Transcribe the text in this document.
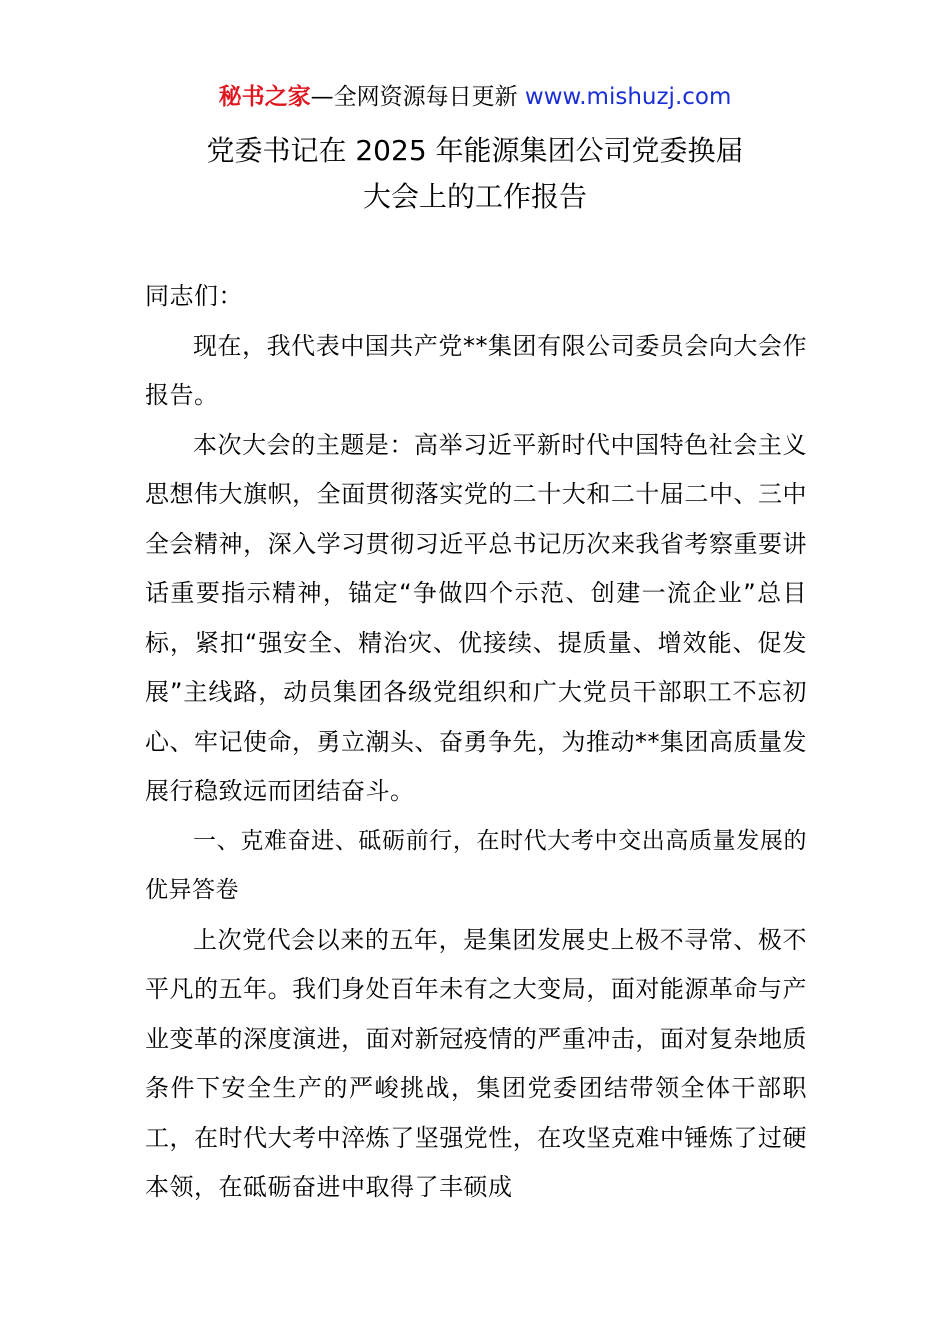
秘书之家—全网资源每日更新 www.mishuzj.com
党委书记在 2025 年能源集团公司党委换届
大会上的工作报告

同志们：

现在，我代表中国共产党**集团有限公司委员会向大会作报告。

本次大会的主题是：高举习近平新时代中国特色社会主义思想伟大旗帜，全面贯彻落实党的二十大和二十届二中、三中全会精神，深入学习贯彻习近平总书记历次来我省考察重要讲话重要指示精神，锚定“争做四个示范、创建一流企业”总目标，紧扣“强安全、精治灾、优接续、提质量、增效能、促发展”主线路，动员集团各级党组织和广大党员干部职工不忘初心、牢记使命，勇立潮头、奋勇争先，为推动**集团高质量发展行稳致远而团结奋斗。

一、克难奋进、砥砺前行，在时代大考中交出高质量发展的优异答卷

上次党代会以来的五年，是集团发展史上极不寻常、极不平凡的五年。我们身处百年未有之大变局，面对能源革命与产业变革的深度演进，面对新冠疫情的严重冲击，面对复杂地质条件下安全生产的严峻挑战，集团党委团结带领全体干部职工，在时代大考中淬炼了坚强党性，在攻坚克难中锤炼了过硬本领，在砥砺奋进中取得了丰硕成
